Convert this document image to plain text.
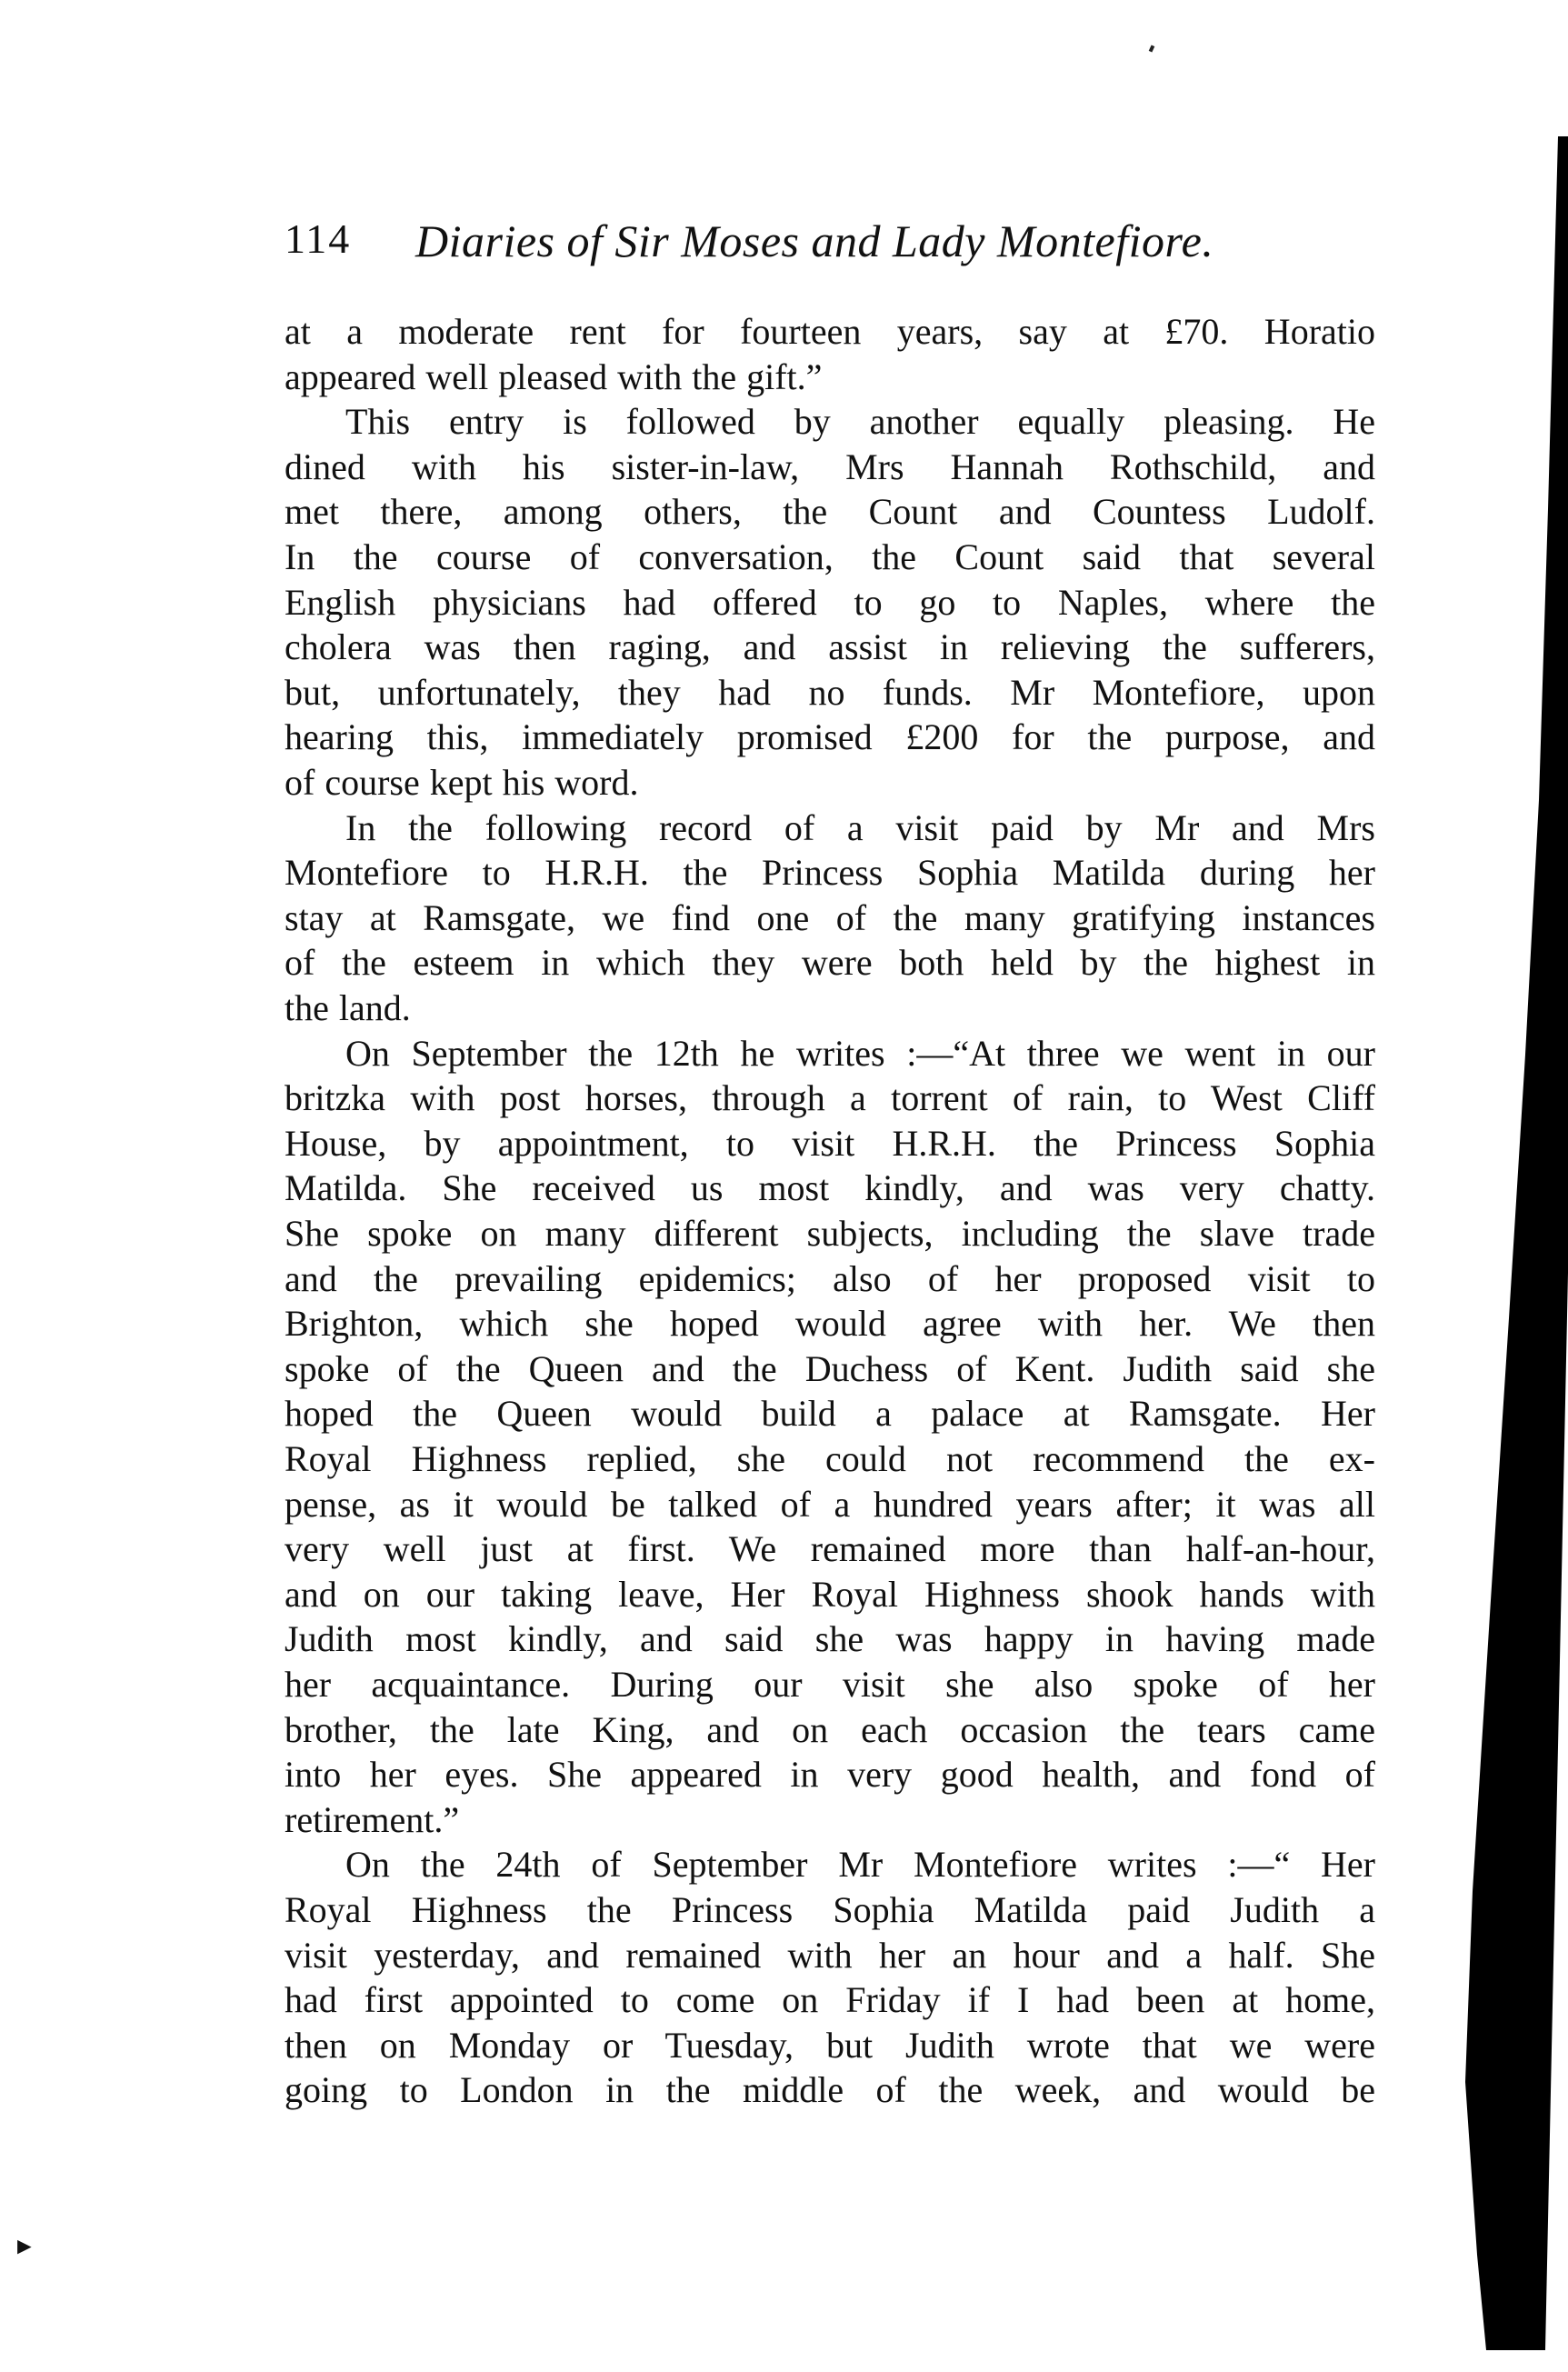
►
114 Diaries of Sir Moses and Lady Montefiore.
at a moderate rent for fourteen years, say at £70. Horatio
appeared well pleased with the gift.”
This entry is followed by another equally pleasing. He
dined with his sister-in-law, Mrs Hannah Rothschild, and
met there, among others, the Count and Countess Ludolf.
In the course of conversation, the Count said that several
English physicians had offered to go to Naples, where the
cholera was then raging, and assist in relieving the sufferers,
but, unfortunately, they had no funds. Mr Montefiore, upon
hearing this, immediately promised £200 for the purpose, and
of course kept his word.
In the following record of a visit paid by Mr and Mrs
Montefiore to H.R.H. the Princess Sophia Matilda during her
stay at Ramsgate, we find one of the many gratifying instances
of the esteem in which they were both held by the highest in
the land.
On September the 12th he writes :—“At three we went in our
britzka with post horses, through a torrent of rain, to West Cliff
House, by appointment, to visit H.R.H. the Princess Sophia
Matilda. She received us most kindly, and was very chatty.
She spoke on many different subjects, including the slave trade
and the prevailing epidemics; also of her proposed visit to
Brighton, which she hoped would agree with her. We then
spoke of the Queen and the Duchess of Kent. Judith said she
hoped the Queen would build a palace at Ramsgate. Her
Royal Highness replied, she could not recommend the ex-
pense, as it would be talked of a hundred years after; it was all
very well just at first. We remained more than half-an-hour,
and on our taking leave, Her Royal Highness shook hands with
Judith most kindly, and said she was happy in having made
her acquaintance. During our visit she also spoke of her
brother, the late King, and on each occasion the tears came
into her eyes. She appeared in very good health, and fond of
retirement.”
On the 24th of September Mr Montefiore writes :—“ Her
Royal Highness the Princess Sophia Matilda paid Judith a
visit yesterday, and remained with her an hour and a half. She
had first appointed to come on Friday if I had been at home,
then on Monday or Tuesday, but Judith wrote that we were
going to London in the middle of the week, and would be
